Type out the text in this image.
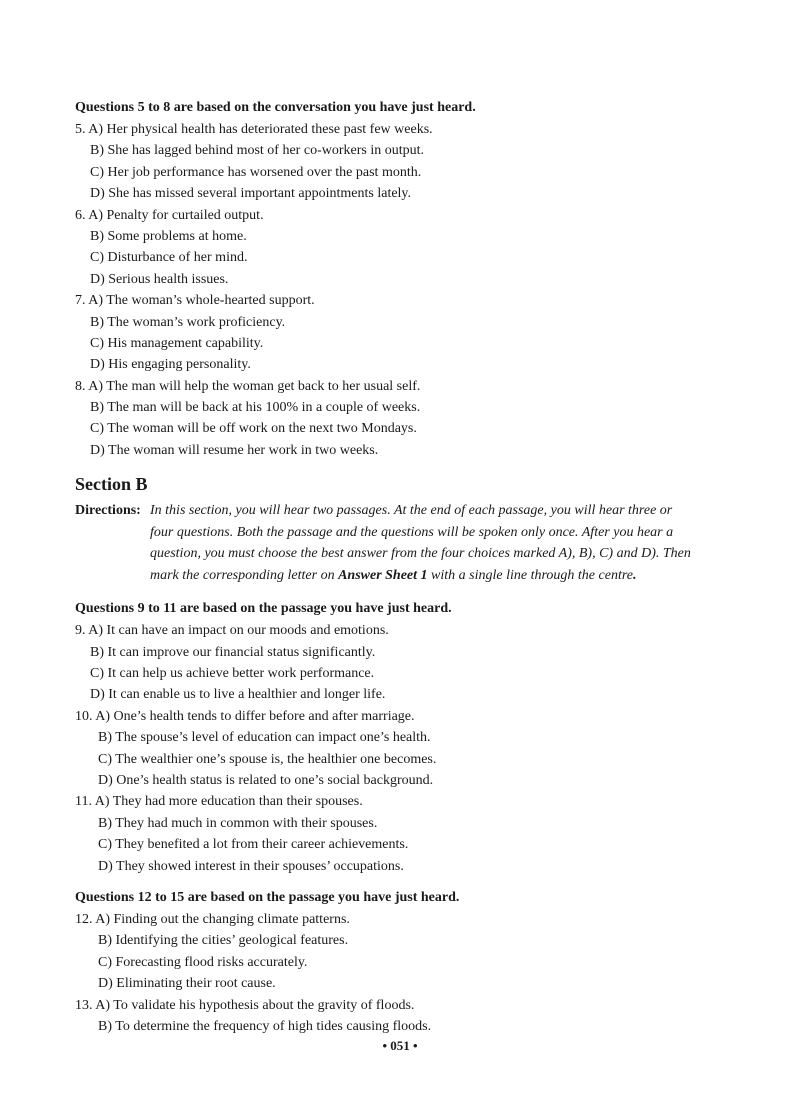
Questions 5 to 8 are based on the conversation you have just heard.
5. A) Her physical health has deteriorated these past few weeks.
B) She has lagged behind most of her co-workers in output.
C) Her job performance has worsened over the past month.
D) She has missed several important appointments lately.
6. A) Penalty for curtailed output.
B) Some problems at home.
C) Disturbance of her mind.
D) Serious health issues.
7. A) The woman’s whole-hearted support.
B) The woman’s work proficiency.
C) His management capability.
D) His engaging personality.
8. A) The man will help the woman get back to her usual self.
B) The man will be back at his 100% in a couple of weeks.
C) The woman will be off work on the next two Mondays.
D) The woman will resume her work in two weeks.
Section B
Directions: In this section, you will hear two passages. At the end of each passage, you will hear three or
four questions. Both the passage and the questions will be spoken only once. After you hear a
question, you must choose the best answer from the four choices marked A), B), C) and D). Then
mark the corresponding letter on Answer Sheet 1 with a single line through the centre.
Questions 9 to 11 are based on the passage you have just heard.
9. A) It can have an impact on our moods and emotions.
B) It can improve our financial status significantly.
C) It can help us achieve better work performance.
D) It can enable us to live a healthier and longer life.
10. A) One’s health tends to differ before and after marriage.
B) The spouse’s level of education can impact one’s health.
C) The wealthier one’s spouse is, the healthier one becomes.
D) One’s health status is related to one’s social background.
11. A) They had more education than their spouses.
B) They had much in common with their spouses.
C) They benefited a lot from their career achievements.
D) They showed interest in their spouses’ occupations.
Questions 12 to 15 are based on the passage you have just heard.
12. A) Finding out the changing climate patterns.
B) Identifying the cities’ geological features.
C) Forecasting flood risks accurately.
D) Eliminating their root cause.
13. A) To validate his hypothesis about the gravity of floods.
B) To determine the frequency of high tides causing floods.
• 051 •
